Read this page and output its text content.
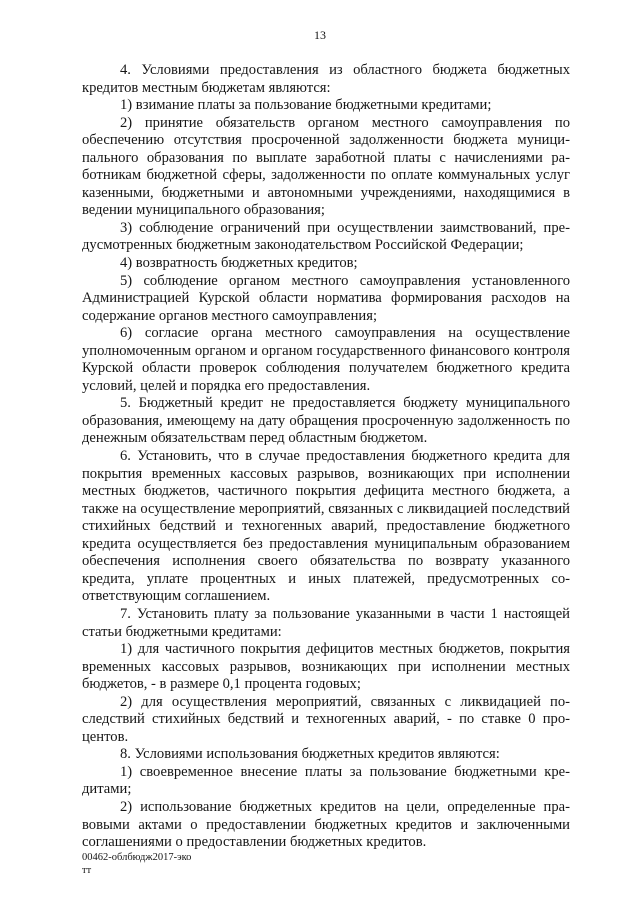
13

4. Условиями предоставления из областного бюджета бюджетных кредитов местным бюджетам являются:

1) взимание платы за пользование бюджетными кредитами;

2) принятие обязательств органом местного самоуправления по обеспечению отсутствия просроченной задолженности бюджета муниципального образования по выплате заработной платы с начислениями работникам бюджетной сферы, задолженности по оплате коммунальных услуг казенными, бюджетными и автономными учреждениями, находящимися в ведении муниципального образования;

3) соблюдение ограничений при осуществлении заимствований, предусмотренных бюджетным законодательством Российской Федерации;

4) возвратность бюджетных кредитов;

5) соблюдение органом местного самоуправления установленного Администрацией Курской области норматива формирования расходов на содержание органов местного самоуправления;

6) согласие органа местного самоуправления на осуществление уполномоченным органом и органом государственного финансового контроля Курской области проверок соблюдения получателем бюджетного кредита условий, целей и порядка его предоставления.

5. Бюджетный кредит не предоставляется бюджету муниципального образования, имеющему на дату обращения просроченную задолженность по денежным обязательствам перед областным бюджетом.

6. Установить, что в случае предоставления бюджетного кредита для покрытия временных кассовых разрывов, возникающих при исполнении местных бюджетов, частичного покрытия дефицита местного бюджета, а также на осуществление мероприятий, связанных с ликвидацией последствий стихийных бедствий и техногенных аварий, предоставление бюджетного кредита осуществляется без предоставления муниципальным образованием обеспечения исполнения своего обязательства по возврату указанного кредита, уплате процентных и иных платежей, предусмотренных соответствующим соглашением.

7. Установить плату за пользование указанными в части 1 настоящей статьи бюджетными кредитами:

1) для частичного покрытия дефицитов местных бюджетов, покрытия временных кассовых разрывов, возникающих при исполнении местных бюджетов, - в размере 0,1 процента годовых;

2) для осуществления мероприятий, связанных с ликвидацией последствий стихийных бедствий и техногенных аварий, - по ставке 0 процентов.

8. Условиями использования бюджетных кредитов являются:

1) своевременное внесение платы за пользование бюджетными кредитами;

2) использование бюджетных кредитов на цели, определенные правовыми актами о предоставлении бюджетных кредитов и заключенными соглашениями о предоставлении бюджетных кредитов.

00462-облбюдж2017-эко
тт
